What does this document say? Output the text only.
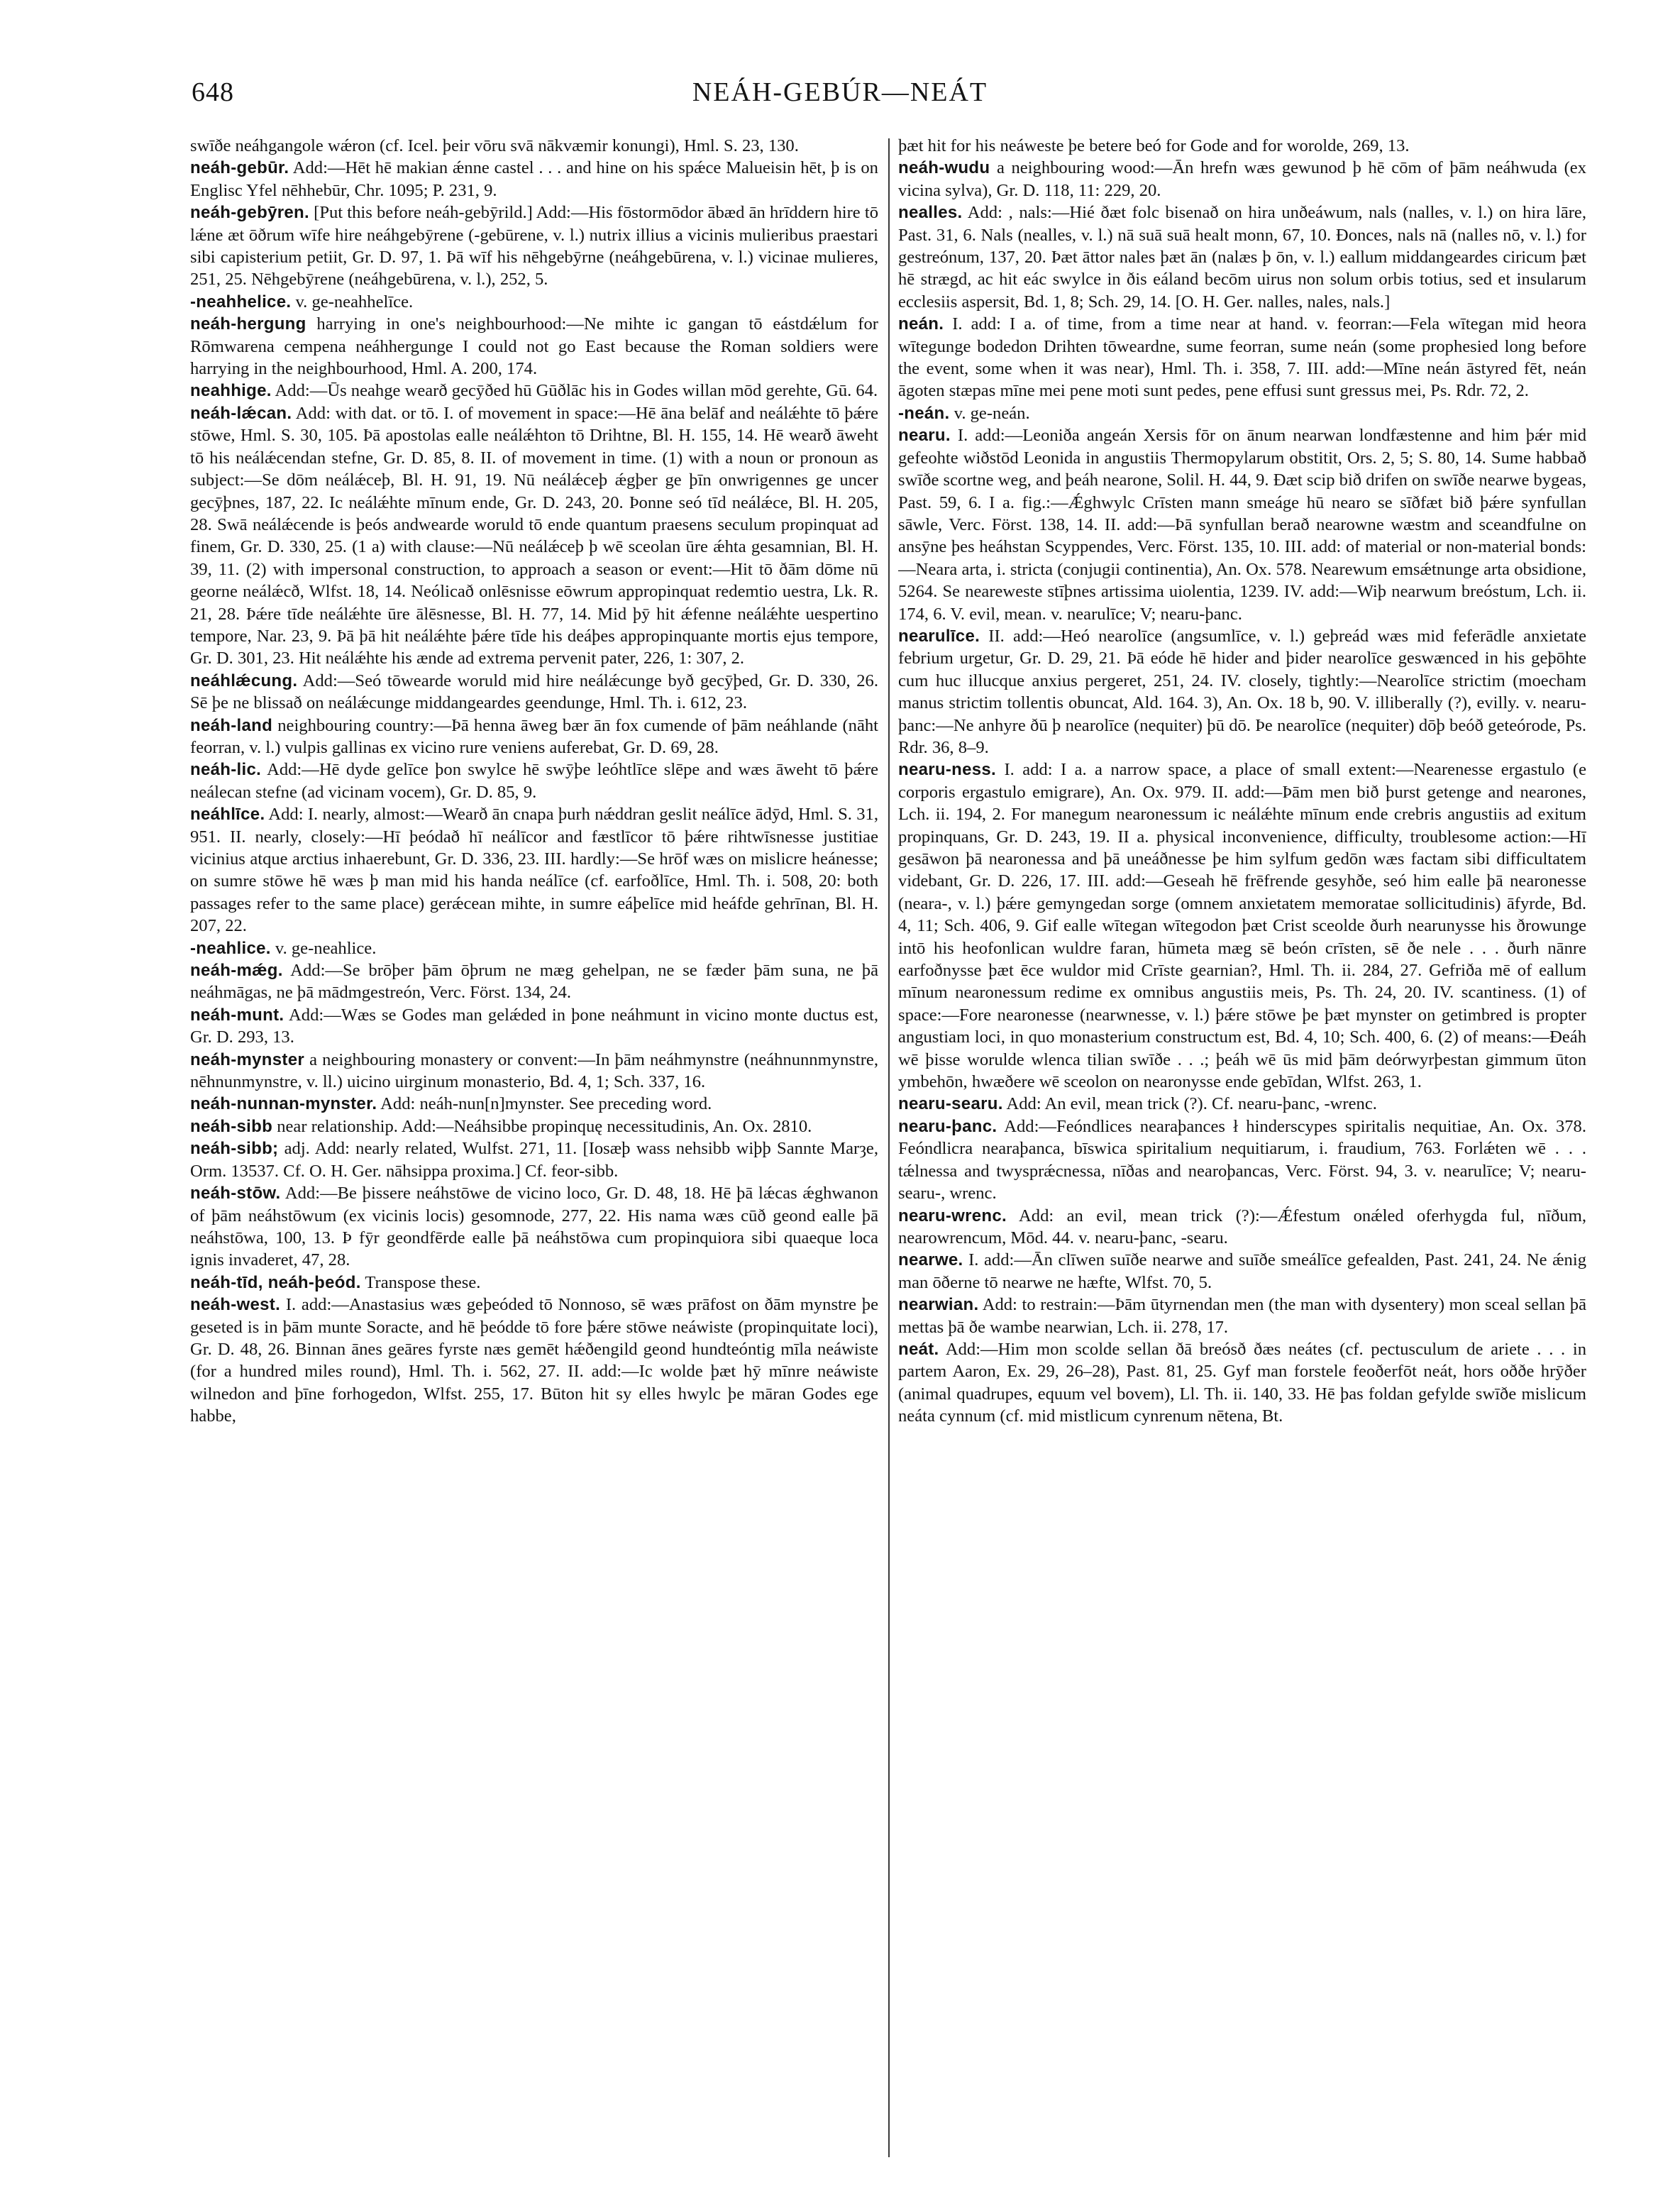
648	NEÁH-GEBÚR—NEÁT

swīðe neáhgangole wǽron (cf. Icel. þeir vōru svā nākvæmir konungi), Hml. S. 23, 130.

neáh-gebūr. Add:—Hēt hē makian ǽnne castel . . . and hine on his spǽce Malueisin hēt, þ is on Englisc Yfel nēhhebūr, Chr. 1095; P. 231, 9.

neáh-gebȳren. [Put this before neáh-gebȳrild.] Add:—His fōstormōdor ābæd ān hrīddern hire tō lǽne æt ōðrum wīfe hire neáhgebȳrene (-gebūrene, v. l.) nutrix illius a vicinis mulieribus praestari sibi capisterium petiit, Gr. D. 97, 1. Þā wīf his nēhgebȳrne (neáhgebūrena, v. l.) vicinae mulieres, 251, 25. Nēhgebȳrene (neáhgebūrena, v. l.), 252, 5.

-neahhelice. v. ge-neahhelīce.

neáh-hergung harrying in one's neighbourhood:—Ne mihte ic gangan tō eástdǽlum for Rōmwarena cempena neáhhergunge I could not go East because the Roman soldiers were harrying in the neighbourhood, Hml. A. 200, 174.

neahhige. Add:—Ūs neahge wearð gecȳðed hū Gūðlāc his in Godes willan mōd gerehte, Gū. 64.

neáh-lǽcan. Add: with dat. or tō. I. of movement in space:—Hē āna belāf and neálǽhte tō þǽre stōwe, Hml. S. 30, 105. Þā apostolas ealle neálǽhton tō Drihtne, Bl. H. 155, 14. Hē wearð āweht tō his neálǽcendan stefne, Gr. D. 85, 8. II. of movement in time. (1) with a noun or pronoun as subject:—Se dōm neálǽceþ, Bl. H. 91, 19. Nū neálǽceþ ǽgþer ge þīn onwrigennes ge uncer gecȳþnes, 187, 22. Ic neálǽhte mīnum ende, Gr. D. 243, 20. Þonne seó tīd neálǽce, Bl. H. 205, 28. Swā neálǽcende is þeós andwearde woruld tō ende quantum praesens seculum propinquat ad finem, Gr. D. 330, 25. (1 a) with clause:—Nū neálǽceþ þ wē sceolan ūre ǽhta gesamnian, Bl. H. 39, 11. (2) with impersonal construction, to approach a season or event:—Hit tō ðām dōme nū georne neálǽcð, Wlfst. 18, 14. Neólicað onlēsnisse eōwrum appropinquat redemtio uestra, Lk. R. 21, 28. Þǽre tīde neálǽhte ūre ālēsnesse, Bl. H. 77, 14. Mid þȳ hit ǽfenne neálǽhte uespertino tempore, Nar. 23, 9. Þā þā hit neálǽhte þǽre tīde his deáþes appropinquante mortis ejus tempore, Gr. D. 301, 23. Hit neálǽhte his ænde ad extrema pervenit pater, 226, 1: 307, 2.

neáhlǽcung. Add:—Seó tōwearde woruld mid hire neálǽcunge byð gecȳþed, Gr. D. 330, 26. Sē þe ne blissað on neálǽcunge middangeardes geendunge, Hml. Th. i. 612, 23.

neáh-land neighbouring country:—Þā henna āweg bær ān fox cumende of þām neáhlande (nāht feorran, v. l.) vulpis gallinas ex vicino rure veniens auferebat, Gr. D. 69, 28.

neáh-lic. Add:—Hē dyde gelīce þon swylce hē swȳþe leóhtlīce slēpe and wæs āweht tō þǽre neálecan stefne (ad vicinam vocem), Gr. D. 85, 9.

neáhlīce. Add: I. nearly, almost:—Wearð ān cnapa þurh nǽddran geslit neálīce ādȳd, Hml. S. 31, 951. II. nearly, closely:—Hī þeódað hī neálīcor and fæstlīcor tō þǽre rihtwīsnesse justitiae vicinius atque arctius inhaerebunt, Gr. D. 336, 23. III. hardly:—Se hrōf wæs on mislicre heánesse; on sumre stōwe hē wæs þ man mid his handa neálīce (cf. earfoðlīce, Hml. Th. i. 508, 20: both passages refer to the same place) gerǽcean mihte, in sumre eáþelīce mid heáfde gehrīnan, Bl. H. 207, 22.

-neahlice. v. ge-neahlice.

neáh-mǽg. Add:—Se brōþer þām ōþrum ne mæg gehelpan, ne se fæder þām suna, ne þā neáhmāgas, ne þā mādmgestreón, Verc. Först. 134, 24.

neáh-munt. Add:—Wæs se Godes man gelǽded in þone neáhmunt in vicino monte ductus est, Gr. D. 293, 13.

neáh-mynster a neighbouring monastery or convent:—In þām neáhmynstre (neáhnunnmynstre, nēhnunmynstre, v. ll.) uicino uirginum monasterio, Bd. 4, 1; Sch. 337, 16.

neáh-nunnan-mynster. Add: neáh-nun[n]mynster. See preceding word.

neáh-sibb near relationship. Add:—Neáhsibbe propinquę necessitudinis, An. Ox. 2810.

neáh-sibb; adj. Add: nearly related, Wulfst. 271, 11. [Iosæþ wass nehsibb wiþþ Sannte Marȝe, Orm. 13537. Cf. O. H. Ger. nāhsippa proxima.] Cf. feor-sibb.

neáh-stōw. Add:—Be þissere neáhstōwe de vicino loco, Gr. D. 48, 18. Hē þā lǽcas ǽghwanon of þām neáhstōwum (ex vicinis locis) gesomnode, 277, 22. His nama wæs cūð geond ealle þā neáhstōwa, 100, 13. Þ fȳr geondfērde ealle þā neáhstōwa cum propinquiora sibi quaeque loca ignis invaderet, 47, 28.

neáh-tīd, neáh-þeód. Transpose these.

neáh-west. I. add:—Anastasius wæs geþeóded tō Nonnoso, sē wæs prāfost on ðām mynstre þe geseted is in þām munte Soracte, and hē þeódde tō fore þǽre stōwe neáwiste (propinquitate loci), Gr. D. 48, 26. Binnan ānes geāres fyrste næs gemēt hǽðengild geond hundteóntig mīla neáwiste (for a hundred miles round), Hml. Th. i. 562, 27. II. add:—Ic wolde þæt hȳ mīnre neáwiste wilnedon and þīne forhogedon, Wlfst. 255, 17. Būton hit sy elles hwylc þe māran Godes ege habbe,

þæt hit for his neáweste þe betere beó for Gode and for worolde, 269, 13.

neáh-wudu a neighbouring wood:—Ān hrefn wæs gewunod þ hē cōm of þām neáhwuda (ex vicina sylva), Gr. D. 118, 11: 229, 20.

nealles. Add: , nals:—Hié ðæt folc bisenað on hira unðeáwum, nals (nalles, v. l.) on hira lāre, Past. 31, 6. Nals (nealles, v. l.) nā suā suā healt monn, 67, 10. Ðonces, nals nā (nalles nō, v. l.) for gestreónum, 137, 20. Þæt āttor nales þæt ān (nalæs þ ōn, v. l.) eallum middangeardes ciricum þæt hē strægd, ac hit eác swylce in ðis eáland becōm uirus non solum orbis totius, sed et insularum ecclesiis aspersit, Bd. 1, 8; Sch. 29, 14. [O. H. Ger. nalles, nales, nals.]

neán. I. add: I a. of time, from a time near at hand. v. feorran:—Fela wītegan mid heora wītegunge bodedon Drihten tōweardne, sume feorran, sume neán (some prophesied long before the event, some when it was near), Hml. Th. i. 358, 7. III. add:—Mīne neán āstyred fēt, neán āgoten stæpas mīne mei pene moti sunt pedes, pene effusi sunt gressus mei, Ps. Rdr. 72, 2.

-neán. v. ge-neán.

nearu. I. add:—Leoniða angeán Xersis fōr on ānum nearwan londfæstenne and him þǽr mid gefeohte wiðstōd Leonida in angustiis Thermopylarum obstitit, Ors. 2, 5; S. 80, 14. Sume habbað swīðe scortne weg, and þeáh nearone, Solil. H. 44, 9. Ðæt scip bið drifen on swīðe nearwe bygeas, Past. 59, 6. I a. fig.:—Ǽghwylc Crīsten mann smeáge hū nearo se sīðfæt bið þǽre synfullan sāwle, Verc. Först. 138, 14. II. add:—Þā synfullan berað nearowne wæstm and sceandfulne on ansȳne þes heáhstan Scyppendes, Verc. Först. 135, 10. III. add: of material or non-material bonds:—Neara arta, i. stricta (conjugii continentia), An. Ox. 578. Nearewum emsǽtnunge arta obsidione, 5264. Se neareweste stīþnes artissima uiolentia, 1239. IV. add:—Wiþ nearwum breóstum, Lch. ii. 174, 6. V. evil, mean. v. nearulīce; V; nearu-þanc.

nearulīce. II. add:—Heó nearolīce (angsumlīce, v. l.) geþreád wæs mid feferādle anxietate febrium urgetur, Gr. D. 29, 21. Þā eóde hē hider and þider nearolīce geswænced in his geþōhte cum huc illucque anxius pergeret, 251, 24. IV. closely, tightly:—Nearolīce strictim (moecham manus strictim tollentis obuncat, Ald. 164. 3), An. Ox. 18 b, 90. V. illiberally (?), evilly. v. nearu-þanc:—Ne anhyre ðū þ nearolīce (nequiter) þū dō. Þe nearolīce (nequiter) dōþ beóð geteórode, Ps. Rdr. 36, 8–9.

nearu-ness. I. add: I a. a narrow space, a place of small extent:—Nearenesse ergastulo (e corporis ergastulo emigrare), An. Ox. 979. II. add:—Þām men bið þurst getenge and nearones, Lch. ii. 194, 2. For manegum nearonessum ic neálǽhte mīnum ende crebris angustiis ad exitum propinquans, Gr. D. 243, 19. II a. physical inconvenience, difficulty, troublesome action:—Hī gesāwon þā nearonessa and þā uneáðnesse þe him sylfum gedōn wæs factam sibi difficultatem videbant, Gr. D. 226, 17. III. add:—Geseah hē frēfrende gesyhðe, seó him ealle þā nearonesse (neara-, v. l.) þǽre gemyngedan sorge (omnem anxietatem memoratae sollicitudinis) āfyrde, Bd. 4, 11; Sch. 406, 9. Gif ealle wītegan wītegodon þæt Crist sceolde ðurh nearunysse his ðrowunge intō his heofonlican wuldre faran, hūmeta mæg sē beón crīsten, sē ðe nele . . . ðurh nānre earfoðnysse þæt ēce wuldor mid Crīste gearnian?, Hml. Th. ii. 284, 27. Gefriða mē of eallum mīnum nearonessum redime ex omnibus angustiis meis, Ps. Th. 24, 20. IV. scantiness. (1) of space:—Fore nearonesse (nearwnesse, v. l.) þǽre stōwe þe þæt mynster on getimbred is propter angustiam loci, in quo monasterium constructum est, Bd. 4, 10; Sch. 400, 6. (2) of means:—Ðeáh wē þisse worulde wlenca tilian swīðe . . .; þeáh wē ūs mid þām deórwyrþestan gimmum ūton ymbehōn, hwæðere wē sceolon on nearonysse ende gebīdan, Wlfst. 263, 1.

nearu-searu. Add: An evil, mean trick (?). Cf. nearu-þanc, -wrenc.

nearu-þanc. Add:—Feóndlices nearaþances ł hinderscypes spiritalis nequitiae, An. Ox. 378. Feóndlicra nearaþanca, bīswica spiritalium nequitiarum, i. fraudium, 763. Forlǽten wē . . . tǽlnessa and twysprǽcnessa, nīðas and nearoþancas, Verc. Först. 94, 3. v. nearulīce; V; nearu-searu-, wrenc.

nearu-wrenc. Add: an evil, mean trick (?):—Ǽfestum onǽled oferhygda ful, nīðum, nearowrencum, Mōd. 44. v. nearu-þanc, -searu.

nearwe. I. add:—Ān clīwen suīðe nearwe and suīðe smeálīce gefealden, Past. 241, 24. Ne ǽnig man ōðerne tō nearwe ne hæfte, Wlfst. 70, 5.

nearwian. Add: to restrain:—Þām ūtyrnendan men (the man with dysentery) mon sceal sellan þā mettas þā ðe wambe nearwian, Lch. ii. 278, 17.

neát. Add:—Him mon scolde sellan ðā breósð ðæs neátes (cf. pectusculum de ariete . . . in partem Aaron, Ex. 29, 26–28), Past. 81, 25. Gyf man forstele feoðerfōt neát, hors oððe hrȳðer (animal quadrupes, equum vel bovem), Ll. Th. ii. 140, 33. Hē þas foldan gefylde swīðe mislicum neáta cynnum (cf. mid mistlicum cynrenum nētena, Bt.
